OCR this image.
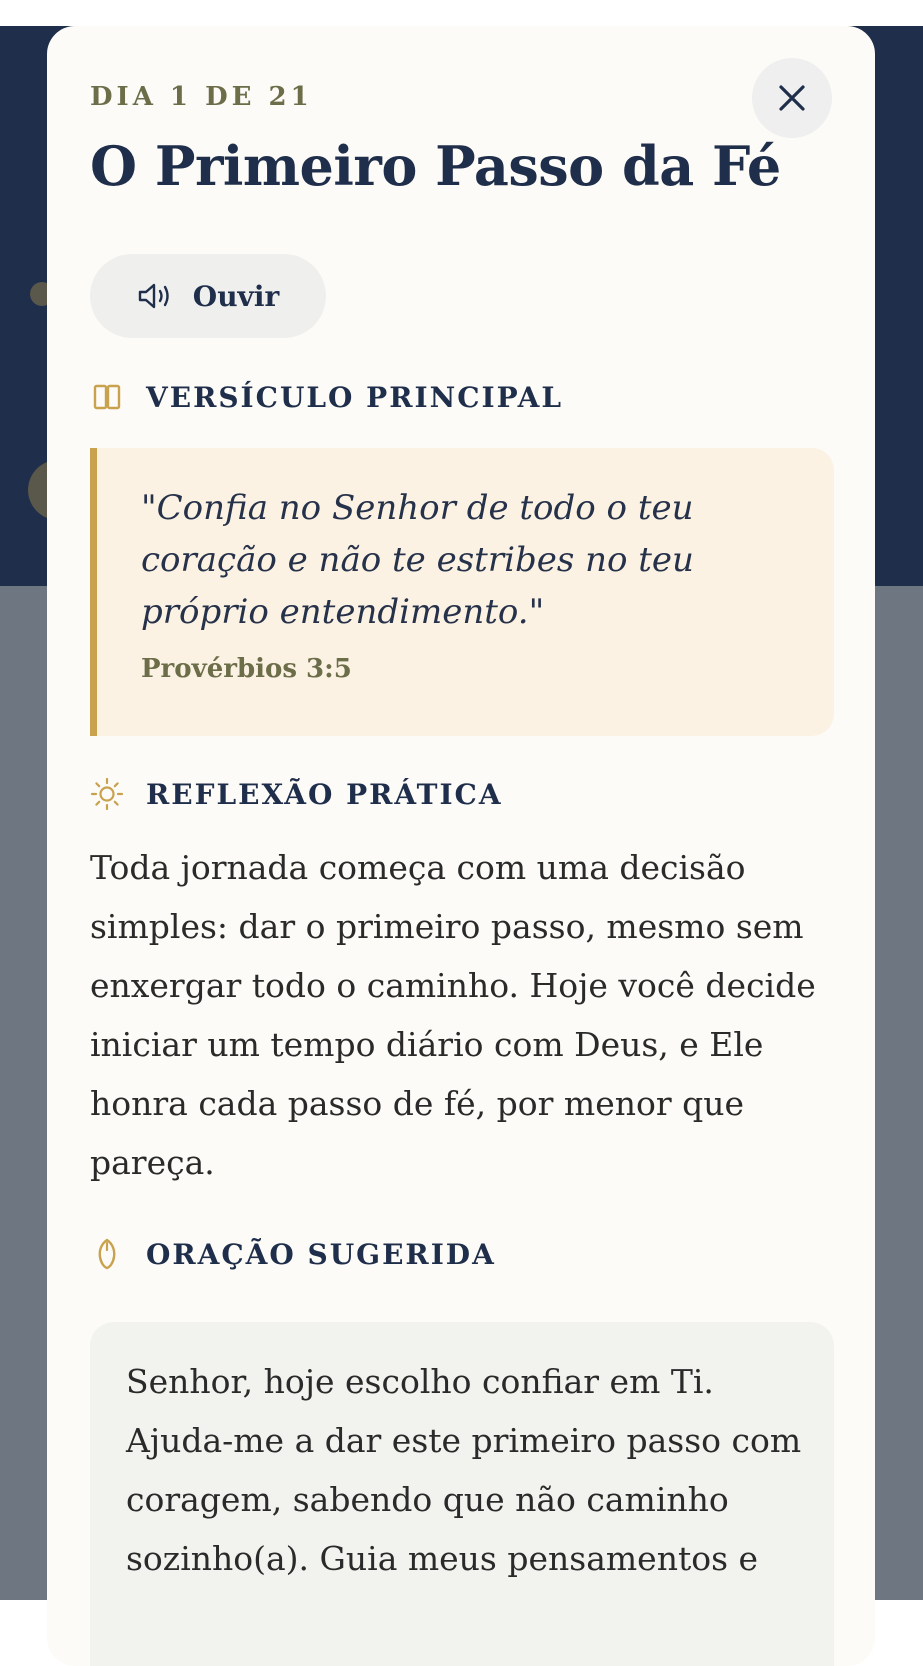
DIA 1 DE 21
O Primeiro Passo da Fé
Ouvir
VERSÍCULO PRINCIPAL
"Confia no Senhor de todo o teu coração e não te estribes no teu próprio entendimento."
Provérbios 3:5
REFLEXÃO PRÁTICA

Toda jornada começa com uma decisão simples: dar o primeiro passo, mesmo sem enxergar todo o caminho. Hoje você decide iniciar um tempo diário com Deus, e Ele honra cada passo de fé, por menor que pareça.

ORAÇÃO SUGERIDA

Senhor, hoje escolho confiar em Ti. Ajuda-me a dar este primeiro passo com coragem, sabendo que não caminho sozinho(a). Guia meus pensamentos e
